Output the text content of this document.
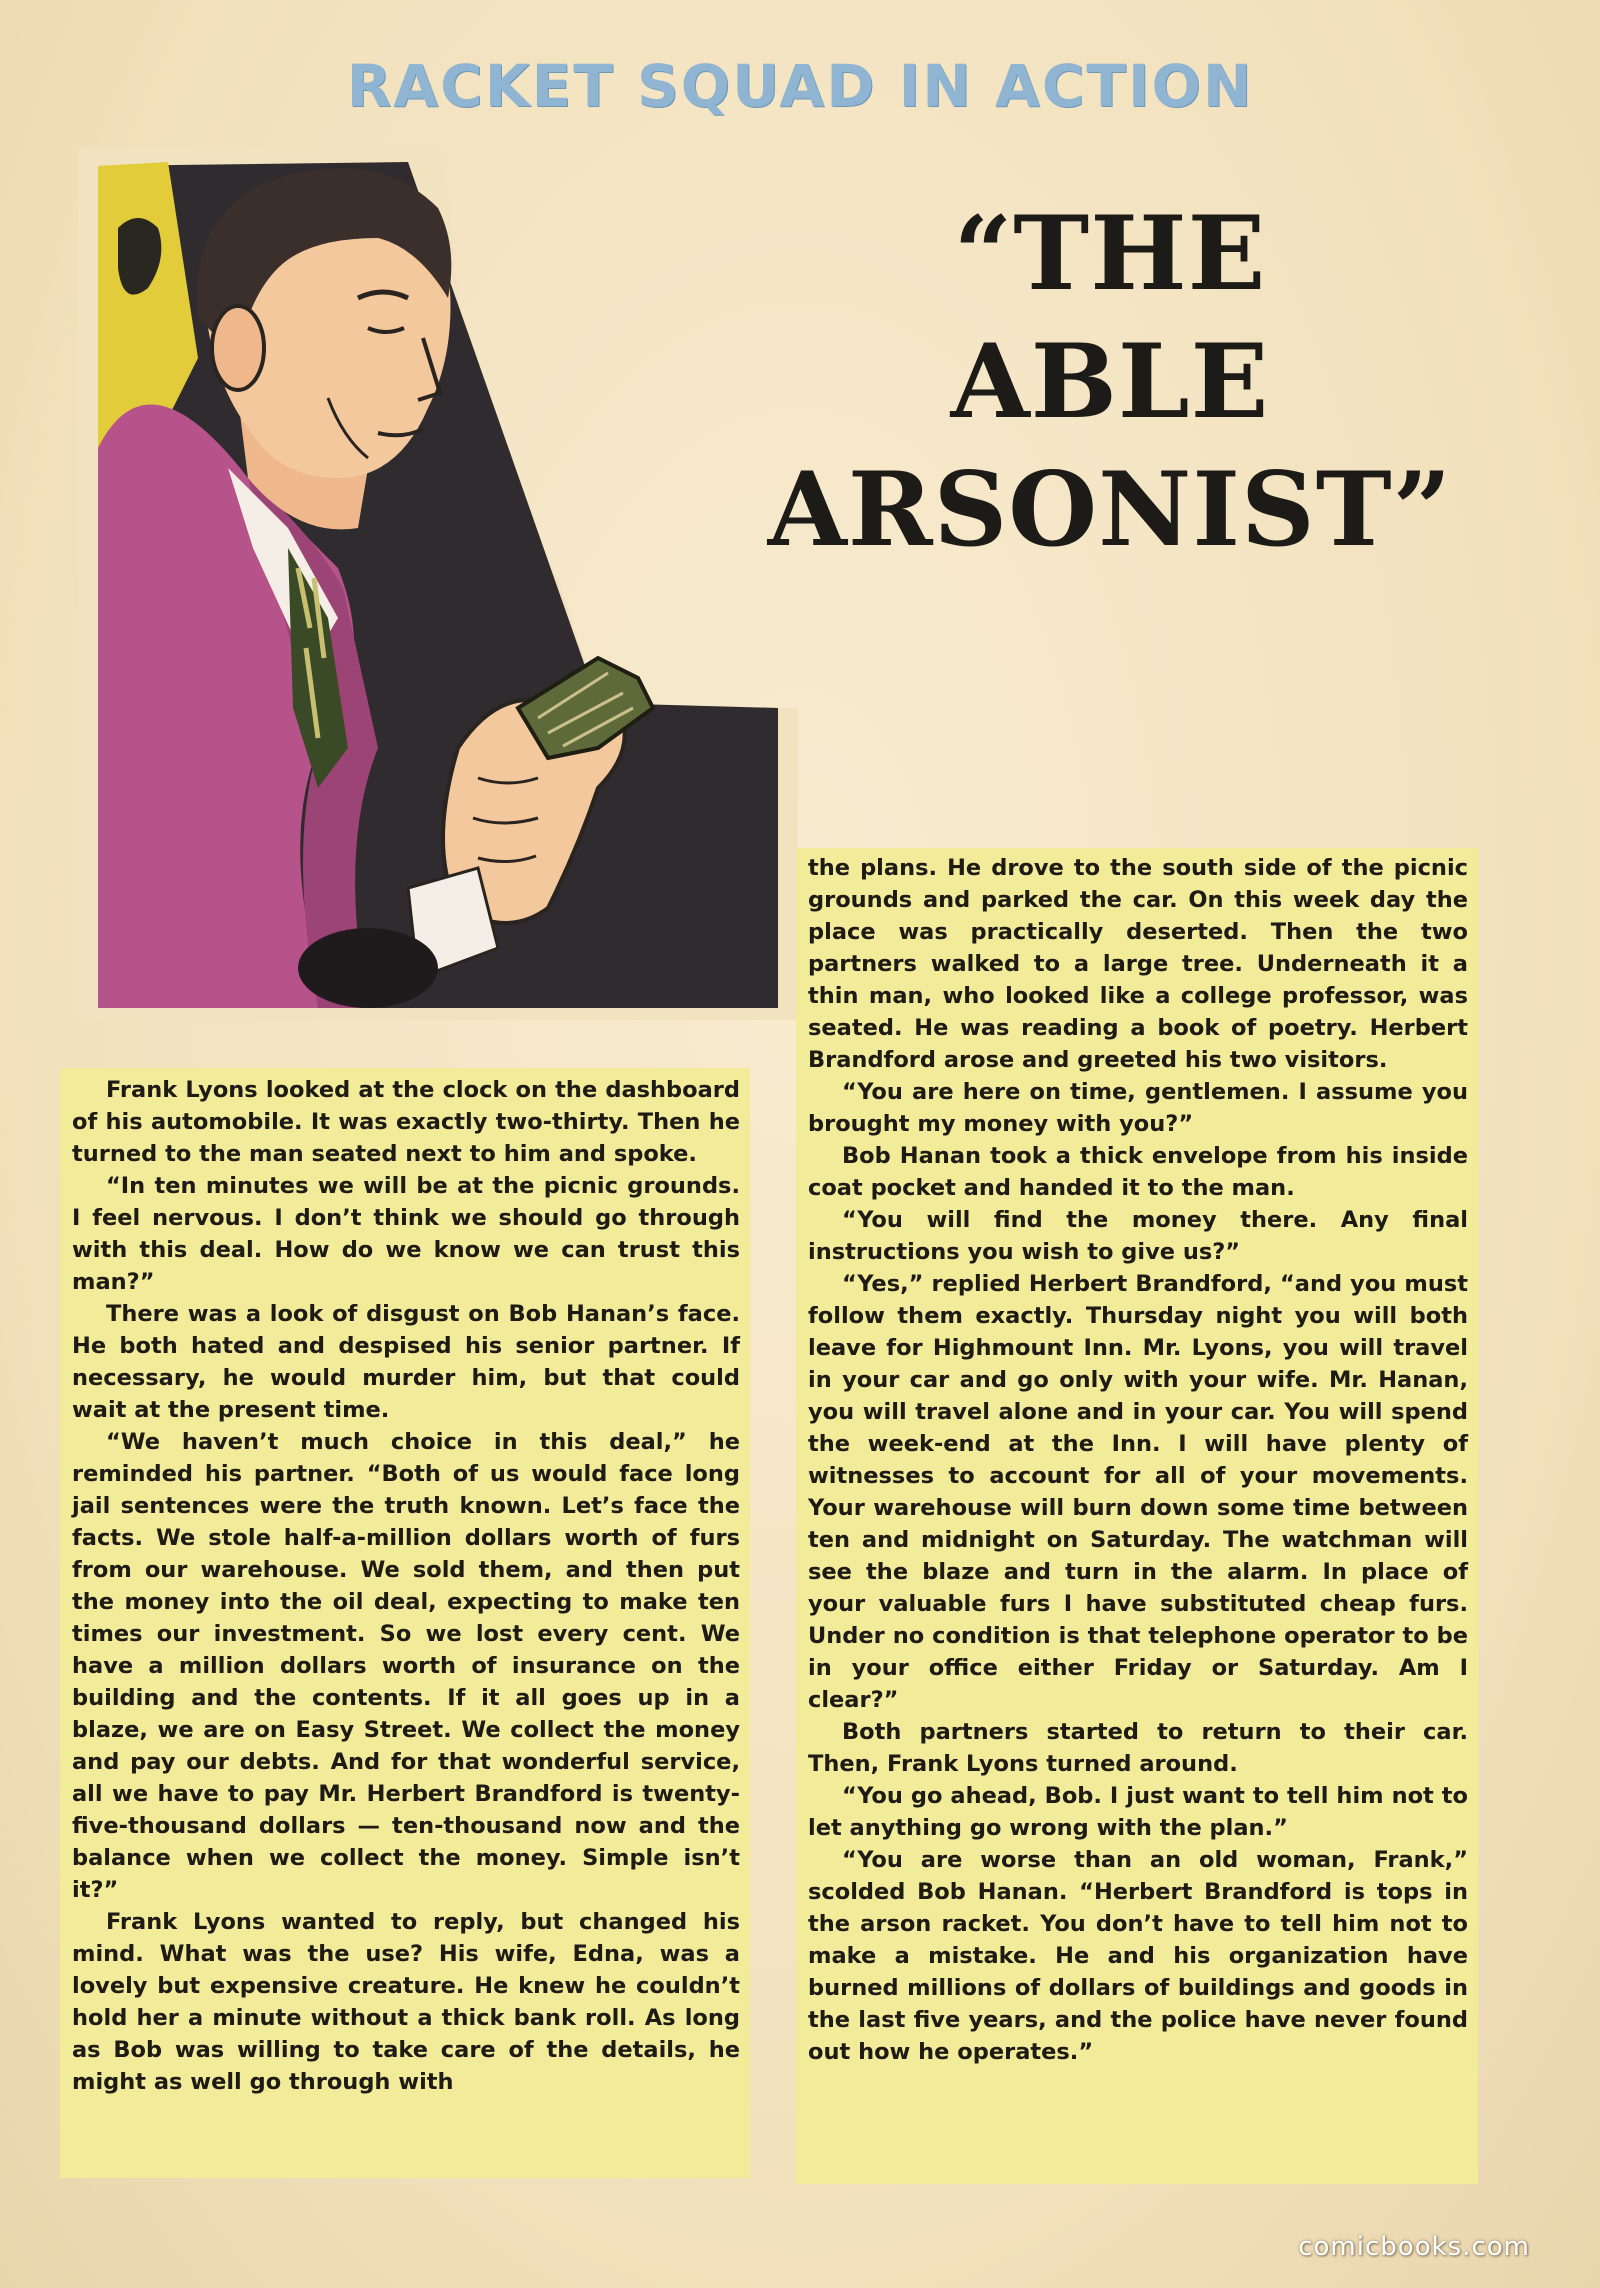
RACKET SQUAD IN ACTION
“THE
ABLE
ARSONIST”

Frank Lyons looked at the clock on the dashboard of his automobile. It was exactly two-thirty. Then he turned to the man seated next to him and spoke.

“In ten minutes we will be at the picnic grounds. I feel nervous. I don’t think we should go through with this deal. How do we know we can trust this man?”

There was a look of disgust on Bob Hanan’s face. He both hated and despised his senior partner. If necessary, he would murder him, but that could wait at the present time.

“We haven’t much choice in this deal,” he reminded his partner. “Both of us would face long jail sentences were the truth known. Let’s face the facts. We stole half-a-million dollars worth of furs from our warehouse. We sold them, and then put the money into the oil deal, expecting to make ten times our investment. So we lost every cent. We have a million dollars worth of insurance on the building and the contents. If it all goes up in a blaze, we are on Easy Street. We collect the money and pay our debts. And for that wonderful service, all we have to pay Mr. Herbert Brandford is twenty-five-thousand dollars — ten-thousand now and the balance when we collect the money. Simple isn’t it?”

Frank Lyons wanted to reply, but changed his mind. What was the use? His wife, Edna, was a lovely but expensive creature. He knew he couldn’t hold her a minute without a thick bank roll. As long as Bob was willing to take care of the details, he might as well go through with

the plans. He drove to the south side of the picnic grounds and parked the car. On this week day the place was practically deserted. Then the two partners walked to a large tree. Underneath it a thin man, who looked like a college professor, was seated. He was reading a book of poetry. Herbert Brandford arose and greeted his two visitors.

“You are here on time, gentlemen. I assume you brought my money with you?”

Bob Hanan took a thick envelope from his inside coat pocket and handed it to the man.

“You will find the money there. Any final instructions you wish to give us?”

“Yes,” replied Herbert Brandford, “and you must follow them exactly. Thursday night you will both leave for Highmount Inn. Mr. Lyons, you will travel in your car and go only with your wife. Mr. Hanan, you will travel alone and in your car. You will spend the week-end at the Inn. I will have plenty of witnesses to account for all of your movements. Your warehouse will burn down some time between ten and midnight on Saturday. The watchman will see the blaze and turn in the alarm. In place of your valuable furs I have substituted cheap furs. Under no condition is that telephone operator to be in your office either Friday or Saturday. Am I clear?”

Both partners started to return to their car. Then, Frank Lyons turned around.

“You go ahead, Bob. I just want to tell him not to let anything go wrong with the plan.”

“You are worse than an old woman, Frank,” scolded Bob Hanan. “Herbert Brandford is tops in the arson racket. You don’t have to tell him not to make a mistake. He and his organization have burned millions of dollars of buildings and goods in the last five years, and the police have never found out how he operates.”

comicbooks.com
